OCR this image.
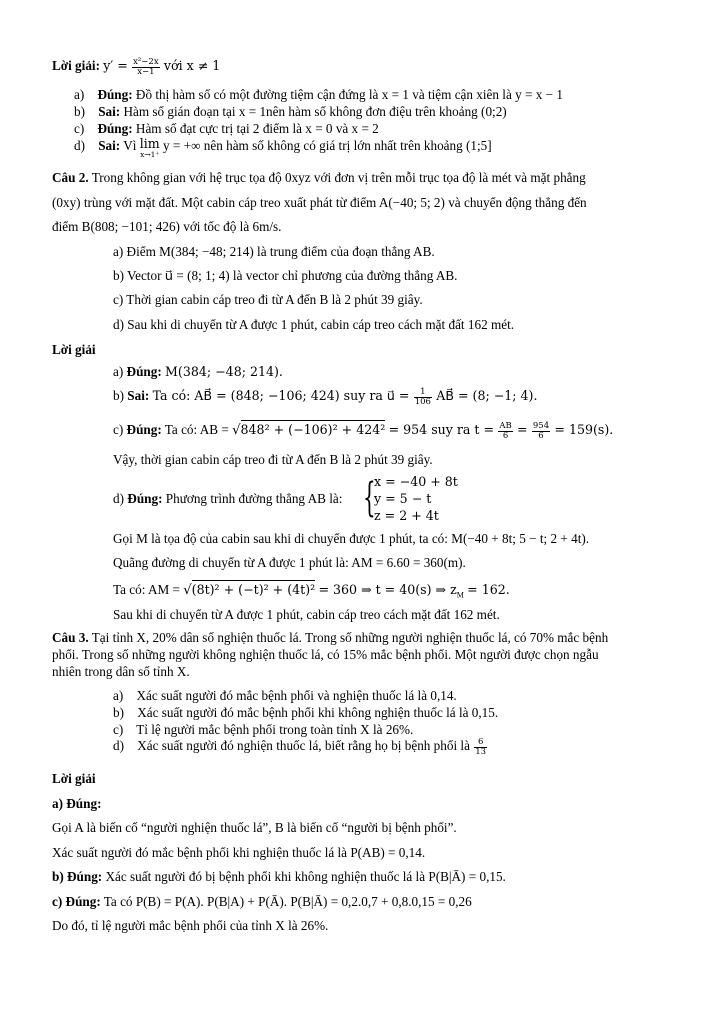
Lời giải: $y' = \frac{\text{x²−2x}}{x-1}$ với x ≠ 1
a) Đúng: Đồ thị hàm số có một đường tiệm cận đứng là x = 1 và tiệm cận xiên là y = x − 1
b) Sai: Hàm số gián đoạn tại x = 1nên hàm số không đơn điệu trên khoảng (0;2)
c) Đúng: Hàm số đạt cực trị tại 2 điểm là x = 0 và x = 2
d) Sai: Vì lim
x→1⁺
y = +∞ nên hàm số không có giá trị lớn nhất trên khoảng (1;5]
Câu 2. Trong không gian với hệ trục tọa độ 0xyz với đơn vị trên mỗi trục tọa độ là mét và mặt phẳng
(0xy) trùng với mặt đất. Một cabin cáp treo xuất phát từ điểm A(−40; 5; 2) và chuyển động thẳng đến
điểm B(808; −101; 426) với tốc độ là 6m/s.
a) Điểm M(384; −48; 214) là trung điểm của đoạn thẳng AB.
b) Vector u⃗ = (8; 1; 4) là vector chỉ phương của đường thẳng AB.
c) Thời gian cabin cáp treo đi từ A đến B là 2 phút 39 giây.
d) Sau khi di chuyển từ A được 1 phút, cabin cáp treo cách mặt đất 162 mét.
Lời giải
a) Đúng: M(384; −48; 214).
b) Sai: Ta có: AB⃗ = (848; −106; 424) suy ra u⃗ = $\frac{1}{106}$ AB⃗ = (8; −1; 4).
c) Đúng: Ta có: AB = √848² + (−106)² + 424² = 954 suy ra $t = \frac{AB}{6} = \frac{954}{6} = 159(s)$.
Vậy, thời gian cabin cáp treo đi từ A đến B là 2 phút 39 giây.
d) Đúng: Phương trình đường thẳng AB là: {
x = −40 + 8t
y = 5 − t
z = 2 + 4t
Gọi M là tọa độ của cabin sau khi di chuyển được 1 phút, ta có: M(−40 + 8t; 5 − t; 2 + 4t).
Quãng đường di chuyển từ A được 1 phút là: AM = 6.60 = 360(m).
Ta có: AM = √(8t)² + (−t)² + (4t)² = 360 ⇒ t = 40(s) ⇒ $z_M = 162$.
Sau khi di chuyển từ A được 1 phút, cabin cáp treo cách mặt đất 162 mét.
Câu 3. Tại tỉnh X, 20% dân số nghiện thuốc lá. Trong số những người nghiện thuốc lá, có 70% mắc bệnh
phổi. Trong số những người không nghiện thuốc lá, có 15% mắc bệnh phổi. Một người được chọn ngẫu
nhiên trong dân số tỉnh X.
a) Xác suất người đó mắc bệnh phổi và nghiện thuốc lá là 0,14.
b) Xác suất người đó mắc bệnh phổi khi không nghiện thuốc lá là 0,15.
c) Tỉ lệ người mắc bệnh phổi trong toàn tỉnh X là 26%.
d) Xác suất người đó nghiện thuốc lá, biết rằng họ bị bệnh phổi là $\frac{6}{13}$
Lời giải
a) Đúng:
Gọi A là biến cố “người nghiện thuốc lá”, B là biến cố “người bị bệnh phổi”.
Xác suất người đó mắc bệnh phổi khi nghiện thuốc lá là P(AB) = 0,14.
b) Đúng: Xác suất người đó bị bệnh phổi khi không nghiện thuốc lá là P(B|Ā) = 0,15.
c) Đúng: Ta có P(B) = P(A). P(B|A) + P(Ā). P(B|Ā) = 0,2.0,7 + 0,8.0,15 = 0,26
Do đó, tỉ lệ người mắc bệnh phổi của tỉnh X là 26%.
